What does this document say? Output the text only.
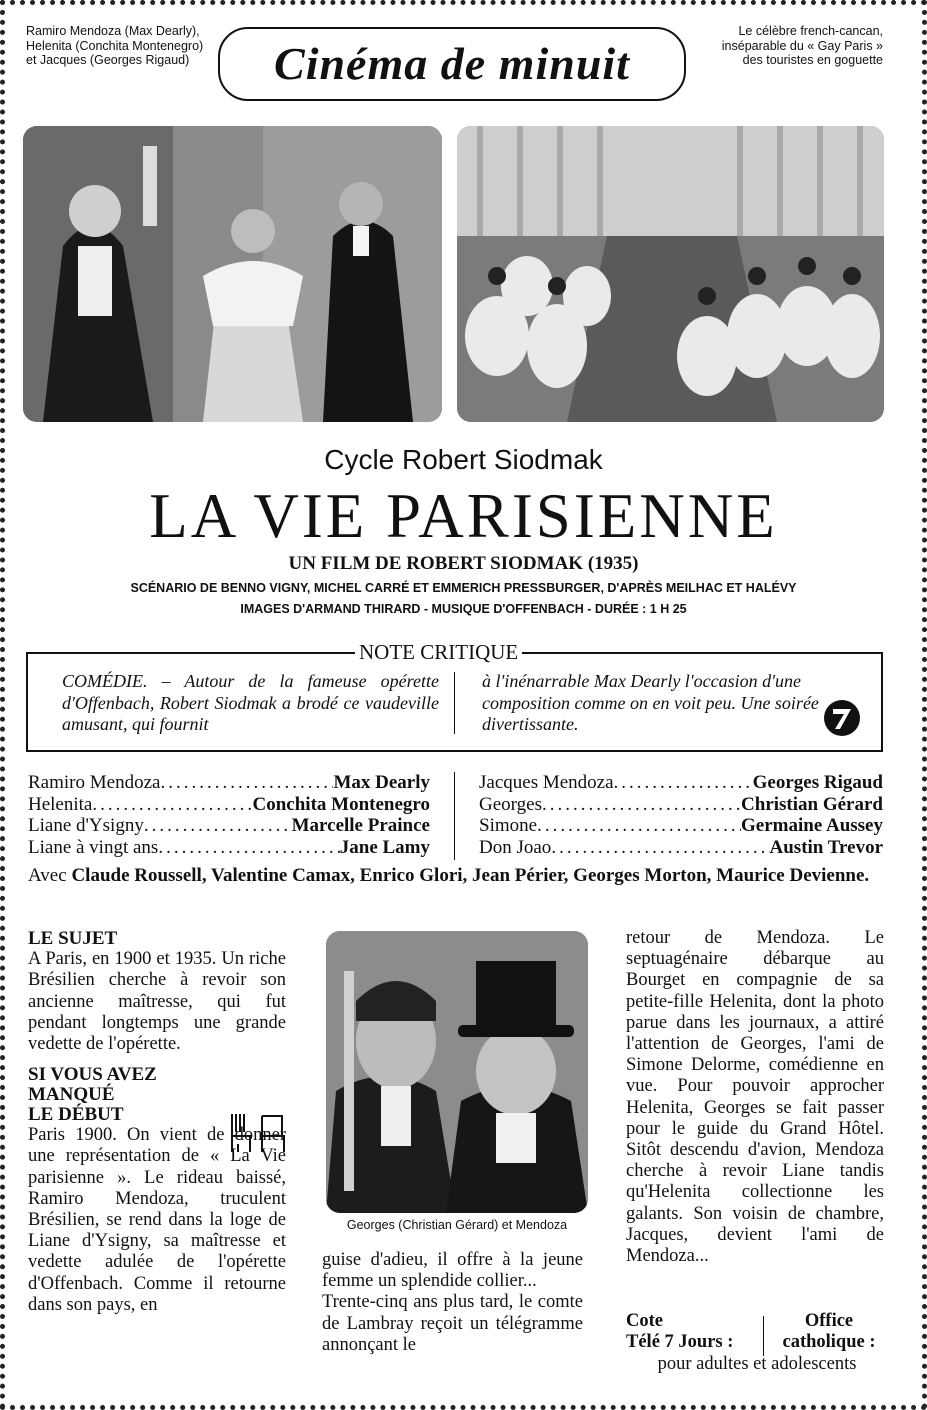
Ramiro Mendoza (Max Dearly), Helenita (Conchita Montenegro) et Jacques (Georges Rigaud)
Le célèbre french-cancan, inséparable du « Gay Paris » des touristes en goguette
Cinéma de minuit
Cycle Robert Siodmak
LA VIE PARISIENNE
UN FILM DE ROBERT SIODMAK (1935)
SCÉNARIO DE BENNO VIGNY, MICHEL CARRÉ ET EMMERICH PRESSBURGER, D'APRÈS MEILHAC ET HALÉVY
IMAGES D'ARMAND THIRARD - MUSIQUE D'OFFENBACH - DURÉE : 1 H 25
NOTE CRITIQUE
COMÉDIE. – Autour de la fameuse opérette d'Offenbach, Robert Siodmak a brodé ce vaudeville amusant, qui fournit
à l'inénarrable Max Dearly l'occasion d'une composition comme on en voit peu. Une soirée divertissante.
Ramiro Mendoza .....	Max Dearly
Helenita .....	Conchita Montenegro
Liane d'Ysigny .....	Marcelle Praince
Liane à vingt ans .....	Jane Lamy
Jacques Mendoza .....	Georges Rigaud
Georges .....	Christian Gérard
Simone .....	Germaine Aussey
Don Joao .....	Austin Trevor
Avec Claude Roussell, Valentine Camax, Enrico Glori, Jean Périer, Georges Morton, Maurice Devienne.
LE SUJET
A Paris, en 1900 et 1935. Un riche Brésilien cherche à revoir son ancienne maîtresse, qui fut pendant longtemps une grande vedette de l'opérette.
SI VOUS AVEZ
MANQUÉ
LE DÉBUT
Paris 1900. On vient de donner une représentation de « La Vie parisienne ». Le rideau baissé, Ramiro Mendoza, truculent Brésilien, se rend dans la loge de Liane d'Ysigny, sa maîtresse et vedette adulée de l'opérette d'Offenbach. Comme il retourne dans son pays, en
Georges (Christian Gérard) et Mendoza
guise d'adieu, il offre à la jeune femme un splendide collier...
Trente-cinq ans plus tard, le comte de Lambray reçoit un télégramme annonçant le
retour de Mendoza. Le septuagénaire débarque au Bourget en compagnie de sa petite-fille Helenita, dont la photo parue dans les journaux, a attiré l'attention de Georges, l'ami de Simone Delorme, comédienne en vue. Pour pouvoir approcher Helenita, Georges se fait passer pour le guide du Grand Hôtel. Sitôt descendu d'avion, Mendoza cherche à revoir Liane tandis qu'Helenita collectionne les galants. Son voisin de chambre, Jacques, devient l'ami de Mendoza...
Cote	Office
Télé 7 Jours :	catholique :
pour adultes et adolescents
